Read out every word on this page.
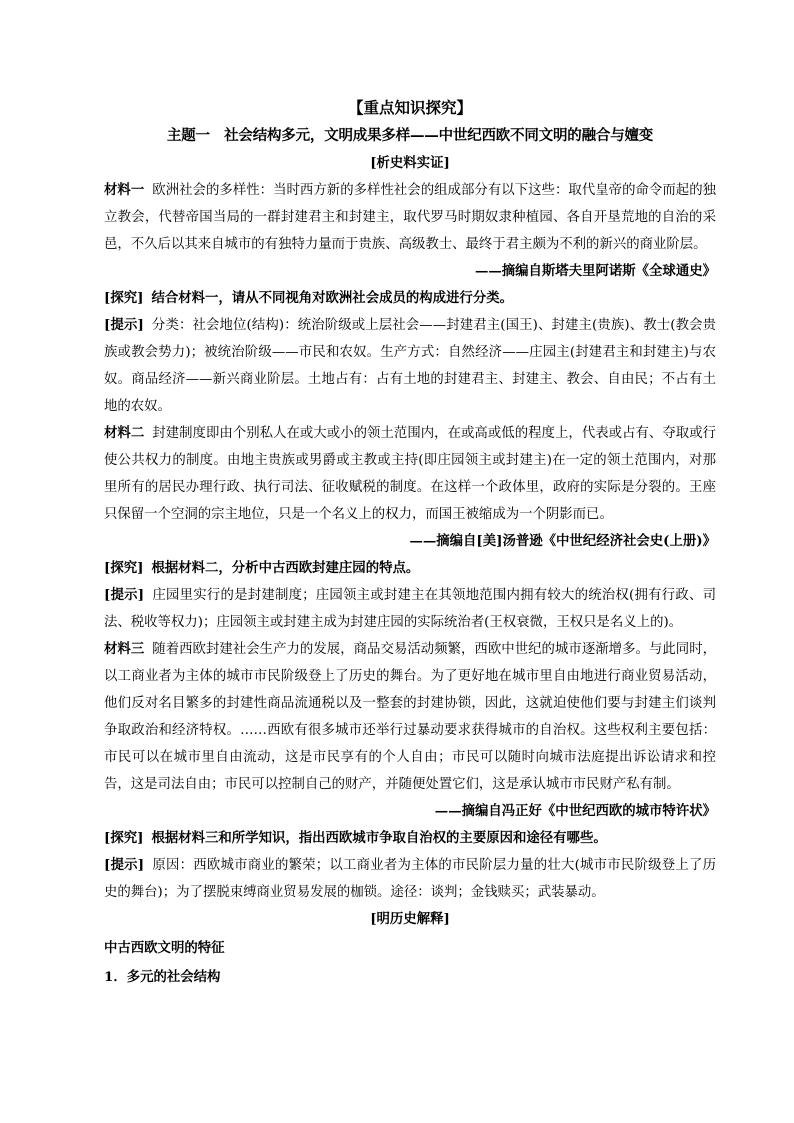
【重点知识探究】
主题一　社会结构多元，文明成果多样——中世纪西欧不同文明的融合与嬗变
[析史料实证]
材料一 欧洲社会的多样性：当时西方新的多样性社会的组成部分有以下这些：取代皇帝的命令而起的独立教会，代替帝国当局的一群封建君主和封建主，取代罗马时期奴隶种植园、各自开垦荒地的自治的采邑，不久后以其来自城市的有独特力量而于贵族、高级教士、最终于君主颇为不利的新兴的商业阶层。
——摘编自斯塔夫里阿诺斯《全球通史》
[探究] 结合材料一，请从不同视角对欧洲社会成员的构成进行分类。
[提示] 分类：社会地位(结构)：统治阶级或上层社会——封建君主(国王)、封建主(贵族)、教士(教会贵族或教会势力)；被统治阶级——市民和农奴。生产方式：自然经济——庄园主(封建君主和封建主)与农奴。商品经济——新兴商业阶层。土地占有：占有土地的封建君主、封建主、教会、自由民；不占有土地的农奴。
材料二 封建制度即由个别私人在或大或小的领土范围内，在或高或低的程度上，代表或占有、夺取或行使公共权力的制度。由地主贵族或男爵或主教或主持(即庄园领主或封建主)在一定的领土范围内，对那里所有的居民办理行政、执行司法、征收赋税的制度。在这样一个政体里，政府的实际是分裂的。王座只保留一个空洞的宗主地位，只是一个名义上的权力，而国王被缩成为一个阴影而已。
——摘编自[美]汤普逊《中世纪经济社会史(上册)》
[探究] 根据材料二，分析中古西欧封建庄园的特点。
[提示] 庄园里实行的是封建制度；庄园领主或封建主在其领地范围内拥有较大的统治权(拥有行政、司法、税收等权力)；庄园领主或封建主成为封建庄园的实际统治者(王权衰微，王权只是名义上的)。
材料三 随着西欧封建社会生产力的发展，商品交易活动频繁，西欧中世纪的城市逐渐增多。与此同时，以工商业者为主体的城市市民阶级登上了历史的舞台。为了更好地在城市里自由地进行商业贸易活动，他们反对名目繁多的封建性商品流通税以及一整套的封建协锁，因此，这就迫使他们要与封建主们谈判争取政治和经济特权。……西欧有很多城市还举行过暴动要求获得城市的自治权。这些权利主要包括：市民可以在城市里自由流动，这是市民享有的个人自由；市民可以随时向城市法庭提出诉讼请求和控告，这是司法自由；市民可以控制自己的财产，并随便处置它们，这是承认城市市民财产私有制。
——摘编自冯正好《中世纪西欧的城市特许状》
[探究] 根据材料三和所学知识，指出西欧城市争取自治权的主要原因和途径有哪些。
[提示] 原因：西欧城市商业的繁荣；以工商业者为主体的市民阶层力量的壮大(城市市民阶级登上了历史的舞台)；为了摆脱束缚商业贸易发展的枷锁。途径：谈判；金钱赎买；武装暴动。
[明历史解释]
中古西欧文明的特征
1．多元的社会结构
